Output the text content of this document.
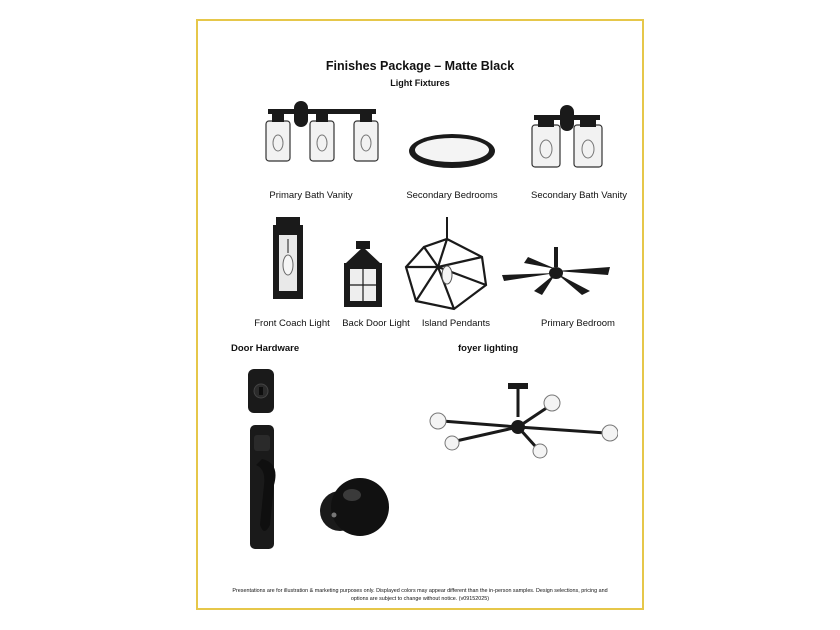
Finishes Package – Matte Black
Light Fixtures
Primary Bath Vanity	Secondary Bedrooms	Secondary Bath Vanity
Front Coach Light	Back Door Light	Island Pendants	Primary Bedroom
Door Hardware	foyer lighting
Presentations are for illustration & marketing purposes only. Displayed colors may appear different than the in-person samples. Design selections, pricing and
options are subject to change without notice. (v09152025)
